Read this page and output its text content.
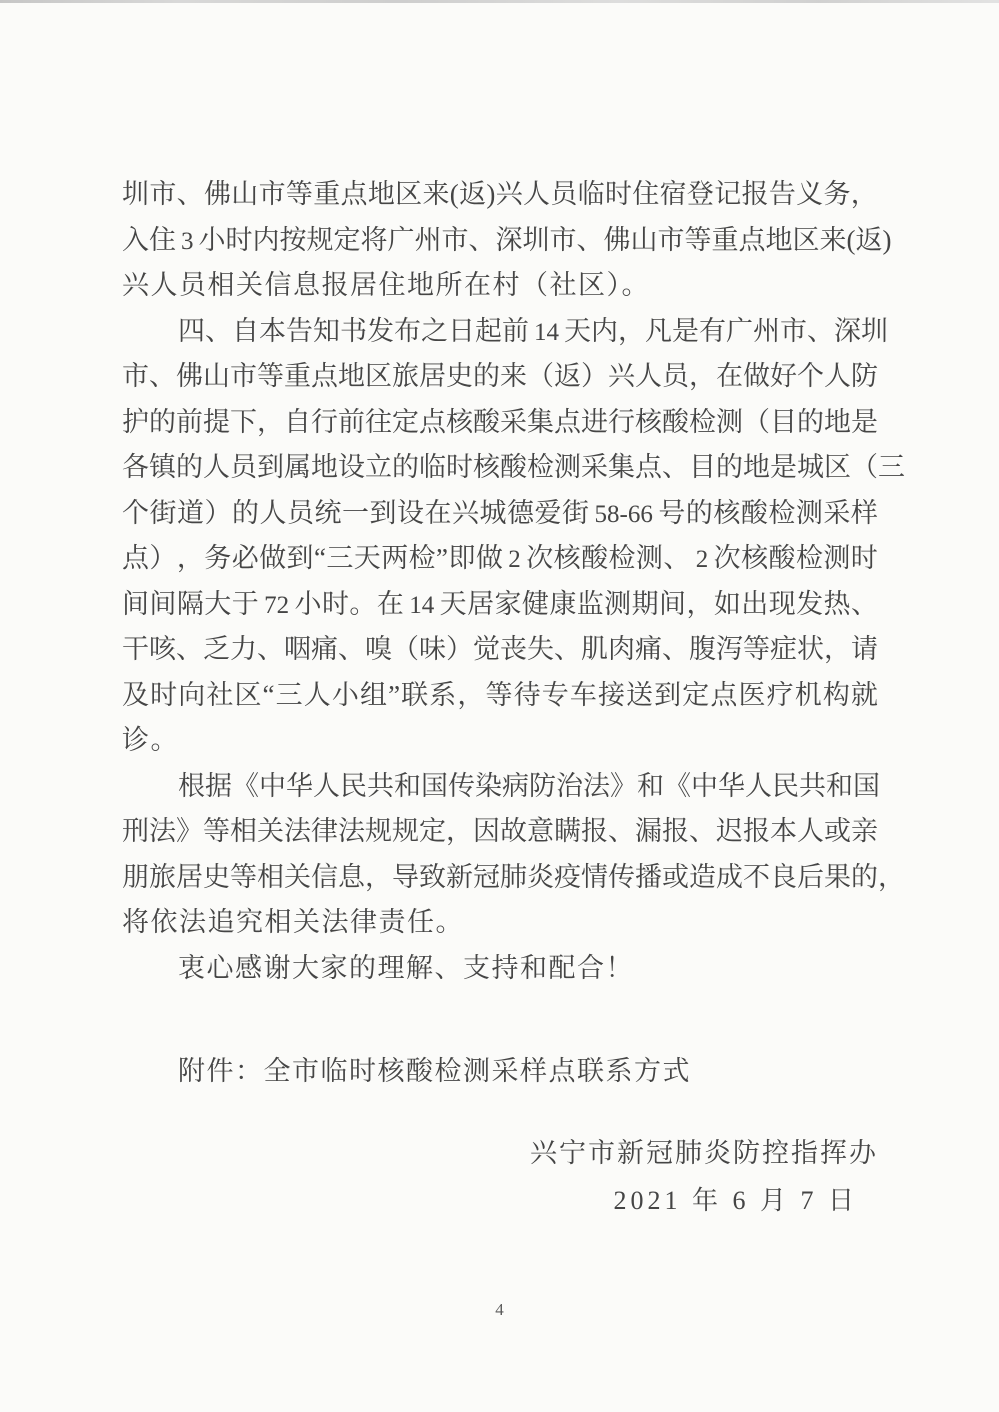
圳 市 、 佛 山 市 等 重 点 地 区 来 ( 返 ) 兴 人 员 临 时 住 宿 登 记 报 告 义 务 ，
入 住 3 小 时 内 按 规 定 将 广 州 市 、 深 圳 市 、 佛 山 市 等 重 点 地 区 来 ( 返 )
兴人员相关信息报居住地所在村（社区）。
四 、 自 本 告 知 书 发 布 之 日 起 前 14 天 内 ， 凡 是 有 广 州 市 、 深 圳
市 、 佛 山 市 等 重 点 地 区 旅 居 史 的 来 （ 返 ） 兴 人 员 ， 在 做 好 个 人 防
护 的 前 提 下 ， 自 行 前 往 定 点 核 酸 采 集 点 进 行 核 酸 检 测 （ 目 的 地 是
各 镇 的 人 员 到 属 地 设 立 的 临 时 核 酸 检 测 采 集 点 、 目 的 地 是 城 区 （ 三
个 街 道 ） 的 人 员 统 一 到 设 在 兴 城 德 爱 街 58-66 号 的 核 酸 检 测 采 样
点 ） ， 务 必 做 到 “ 三 天 两 检 ” 即 做 2 次 核 酸 检 测 、 2 次 核 酸 检 测 时
间 间 隔 大 于 72 小 时 。 在 14 天 居 家 健 康 监 测 期 间 ， 如 出 现 发 热 、
干 咳 、 乏 力 、 咽 痛 、 嗅 （ 味 ） 觉 丧 失 、 肌 肉 痛 、 腹 泻 等 症 状 ， 请
及 时 向 社 区 “ 三 人 小 组 ” 联 系 ， 等 待 专 车 接 送 到 定 点 医 疗 机 构 就
诊。
根 据 《 中 华 人 民 共 和 国 传 染 病 防 治 法 》 和 《 中 华 人 民 共 和 国
刑 法 》 等 相 关 法 律 法 规 规 定 ， 因 故 意 瞒 报 、 漏 报 、 迟 报 本 人 或 亲
朋 旅 居 史 等 相 关 信 息 ， 导 致 新 冠 肺 炎 疫 情 传 播 或 造 成 不 良 后 果 的 ，
将依法追究相关法律责任。
衷心感谢大家的理解、支持和配合！
附件：全市临时核酸检测采样点联系方式
兴宁市新冠肺炎防控指挥办
2021 年 6 月 7 日
4
